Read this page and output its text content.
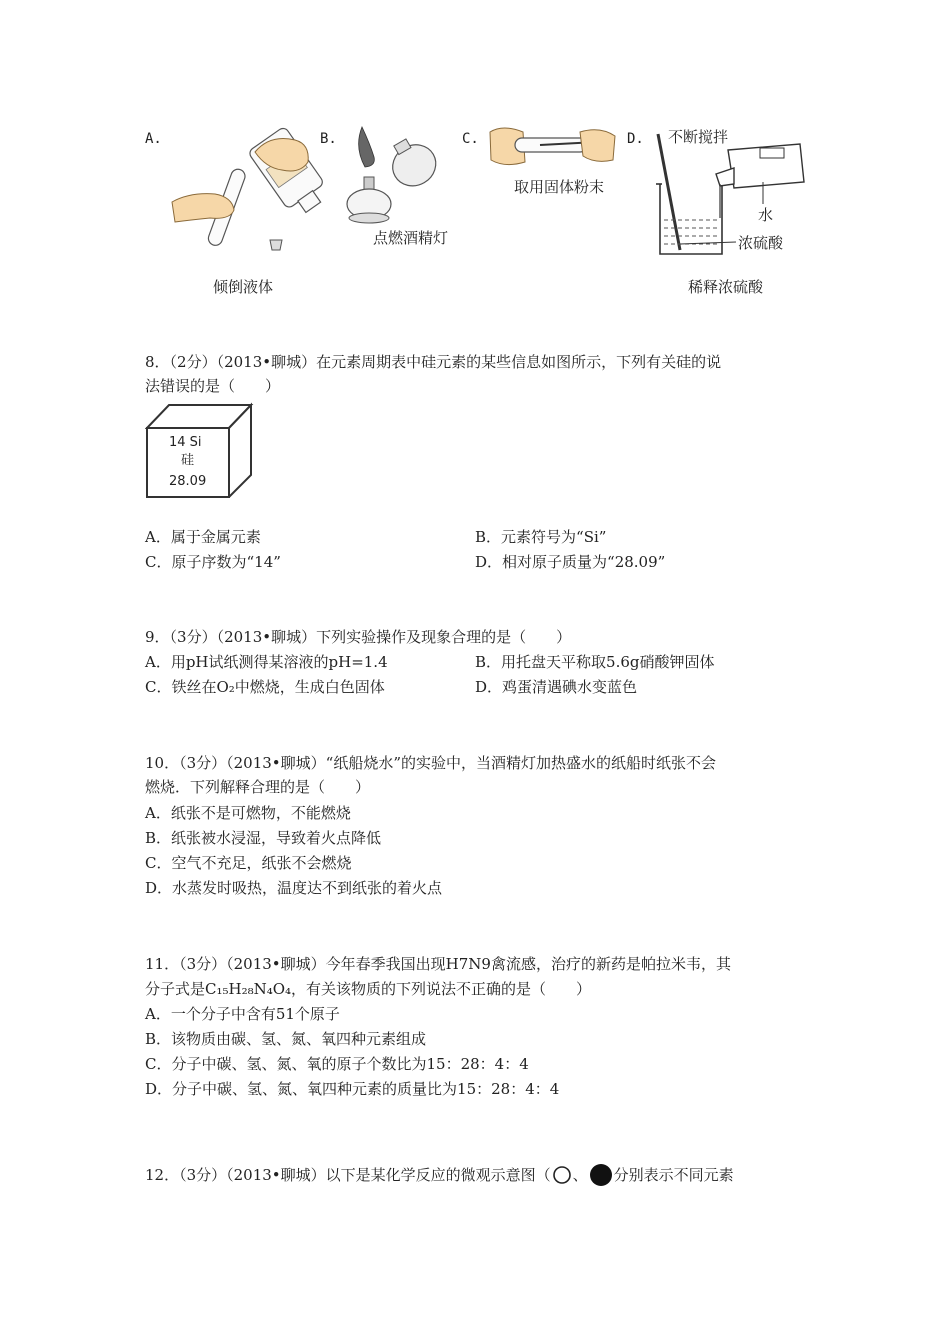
A.
倾倒液体
B.
点燃酒精灯
C.
取用固体粉末
D. 不断搅拌
水
浓硫酸
稀释浓硫酸
8．（2分）（2013•聊城）在元素周期表中硅元素的某些信息如图所示，下列有关硅的说
法错误的是（　　）
14 Si
硅
28.09
A．属于金属元素	B．元素符号为“Si”
C．原子序数为“14”	D．相对原子质量为“28.09”
9．（3分）（2013•聊城）下列实验操作及现象合理的是（　　）
A．用pH试纸测得某溶液的pH=1.4	B．用托盘天平称取5.6g硝酸钾固体
C．铁丝在O₂中燃烧，生成白色固体	D．鸡蛋清遇碘水变蓝色
10．（3分）（2013•聊城）“纸船烧水”的实验中，当酒精灯加热盛水的纸船时纸张不会
燃烧．下列解释合理的是（　　）
A．纸张不是可燃物，不能燃烧
B．纸张被水浸湿，导致着火点降低
C．空气不充足，纸张不会燃烧
D．水蒸发时吸热，温度达不到纸张的着火点
11．（3分）（2013•聊城）今年春季我国出现H7N9禽流感，治疗的新药是帕拉米韦，其
分子式是C₁₅H₂₈N₄O₄，有关该物质的下列说法不正确的是（　　）
A．一个分子中含有51个原子
B．该物质由碳、氢、氮、氧四种元素组成
C．分子中碳、氢、氮、氧的原子个数比为15：28：4：4
D．分子中碳、氢、氮、氧四种元素的质量比为15：28：4：4
12．（3分）（2013•聊城）以下是某化学反应的微观示意图（ 、 分别表示不同元素
